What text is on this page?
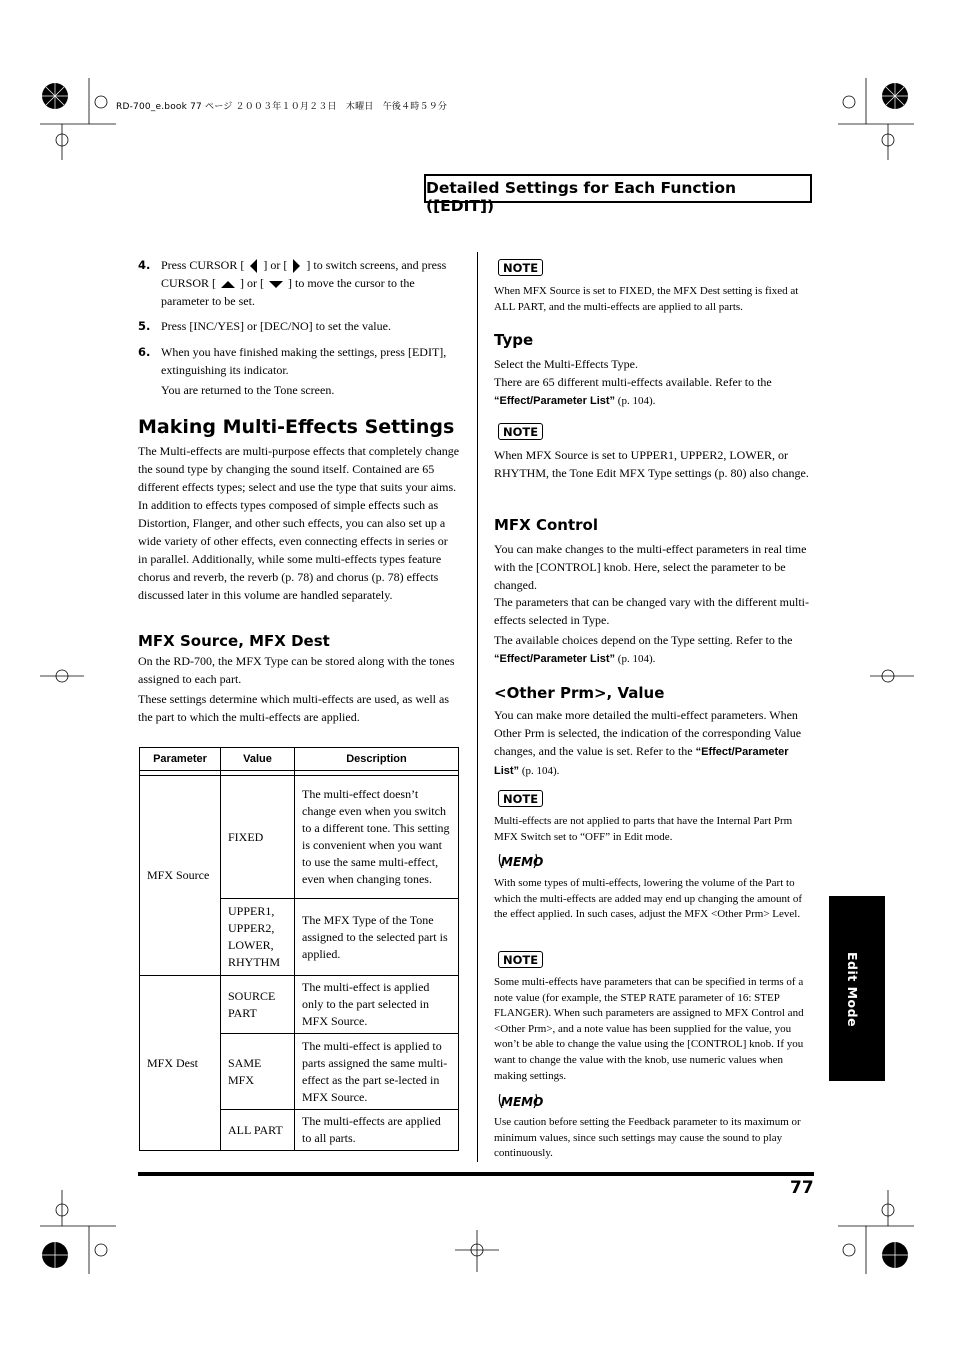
RD-700_e.book 77 ページ ２００３年１０月２３日　木曜日　午後４時５９分
Detailed Settings for Each Function ([EDIT])
4. Press CURSOR [ ] or [ ] to switch screens, and press CURSOR [ ] or [ ] to move the cursor to the parameter to be set.
5. Press [INC/YES] or [DEC/NO] to set the value.
6. When you have finished making the settings, press [EDIT], extinguishing its indicator.
You are returned to the Tone screen.
Making Multi-Effects Settings
The Multi-effects are multi-purpose effects that completely change the sound type by changing the sound itself. Contained are 65 different effects types; select and use the type that suits your aims. In addition to effects types composed of simple effects such as Distortion, Flanger, and other such effects, you can also set up a wide variety of other effects, even connecting effects in series or in parallel. Additionally, while some multi-effects types feature chorus and reverb, the reverb (p. 78) and chorus (p. 78) effects discussed later in this volume are handled separately.
MFX Source, MFX Dest
On the RD-700, the MFX Type can be stored along with the tones assigned to each part.
These settings determine which multi-effects are used, as well as the part to which the multi-effects are applied.
Parameter	Value	Description

MFX Source	FIXED	The multi-effect doesn’t change even when you switch to a different tone. This setting is convenient when you want to use the same multi-effect, even when changing tones.
	UPPER1, UPPER2, LOWER, RHYTHM	The MFX Type of the Tone assigned to the selected part is applied.
MFX Dest	SOURCE PART	The multi-effect is applied only to the part selected in MFX Source.
	SAME MFX	The multi-effect is applied to parts assigned the same multi-effect as the part se-lected in MFX Source.
	ALL PART	The multi-effects are applied to all parts.
NOTE
When MFX Source is set to FIXED, the MFX Dest setting is fixed at ALL PART, and the multi-effects are applied to all parts.
Type
Select the Multi-Effects Type.
There are 65 different multi-effects available. Refer to the
“Effect/Parameter List” (p. 104).
NOTE
When MFX Source is set to UPPER1, UPPER2, LOWER, or RHYTHM, the Tone Edit MFX Type settings (p. 80) also change.
MFX Control
You can make changes to the multi-effect parameters in real time with the [CONTROL] knob. Here, select the parameter to be changed.
The parameters that can be changed vary with the different multi-effects selected in Type.
The available choices depend on the Type setting. Refer to the “Effect/Parameter List” (p. 104).
<Other Prm>, Value
You can make more detailed the multi-effect parameters. When Other Prm is selected, the indication of the corresponding Value changes, and the value is set. Refer to the “Effect/Parameter List” (p. 104).
NOTE
Multi-effects are not applied to parts that have the Internal Part Prm MFX Switch set to “OFF” in Edit mode.
MEMO
With some types of multi-effects, lowering the volume of the Part to which the multi-effects are added may end up changing the amount of the effect applied. In such cases, adjust the MFX <Other Prm> Level.
NOTE
Some multi-effects have parameters that can be specified in terms of a note value (for example, the STEP RATE parameter of 16: STEP FLANGER). When such parameters are assigned to MFX Control and <Other Prm>, and a note value has been supplied for the value, you won’t be able to change the value using the [CONTROL] knob. If you want to change the value with the knob, use numeric values when making settings.
MEMO
Use caution before setting the Feedback parameter to its maximum or minimum values, since such settings may cause the sound to play continuously.
Edit Mode
77
